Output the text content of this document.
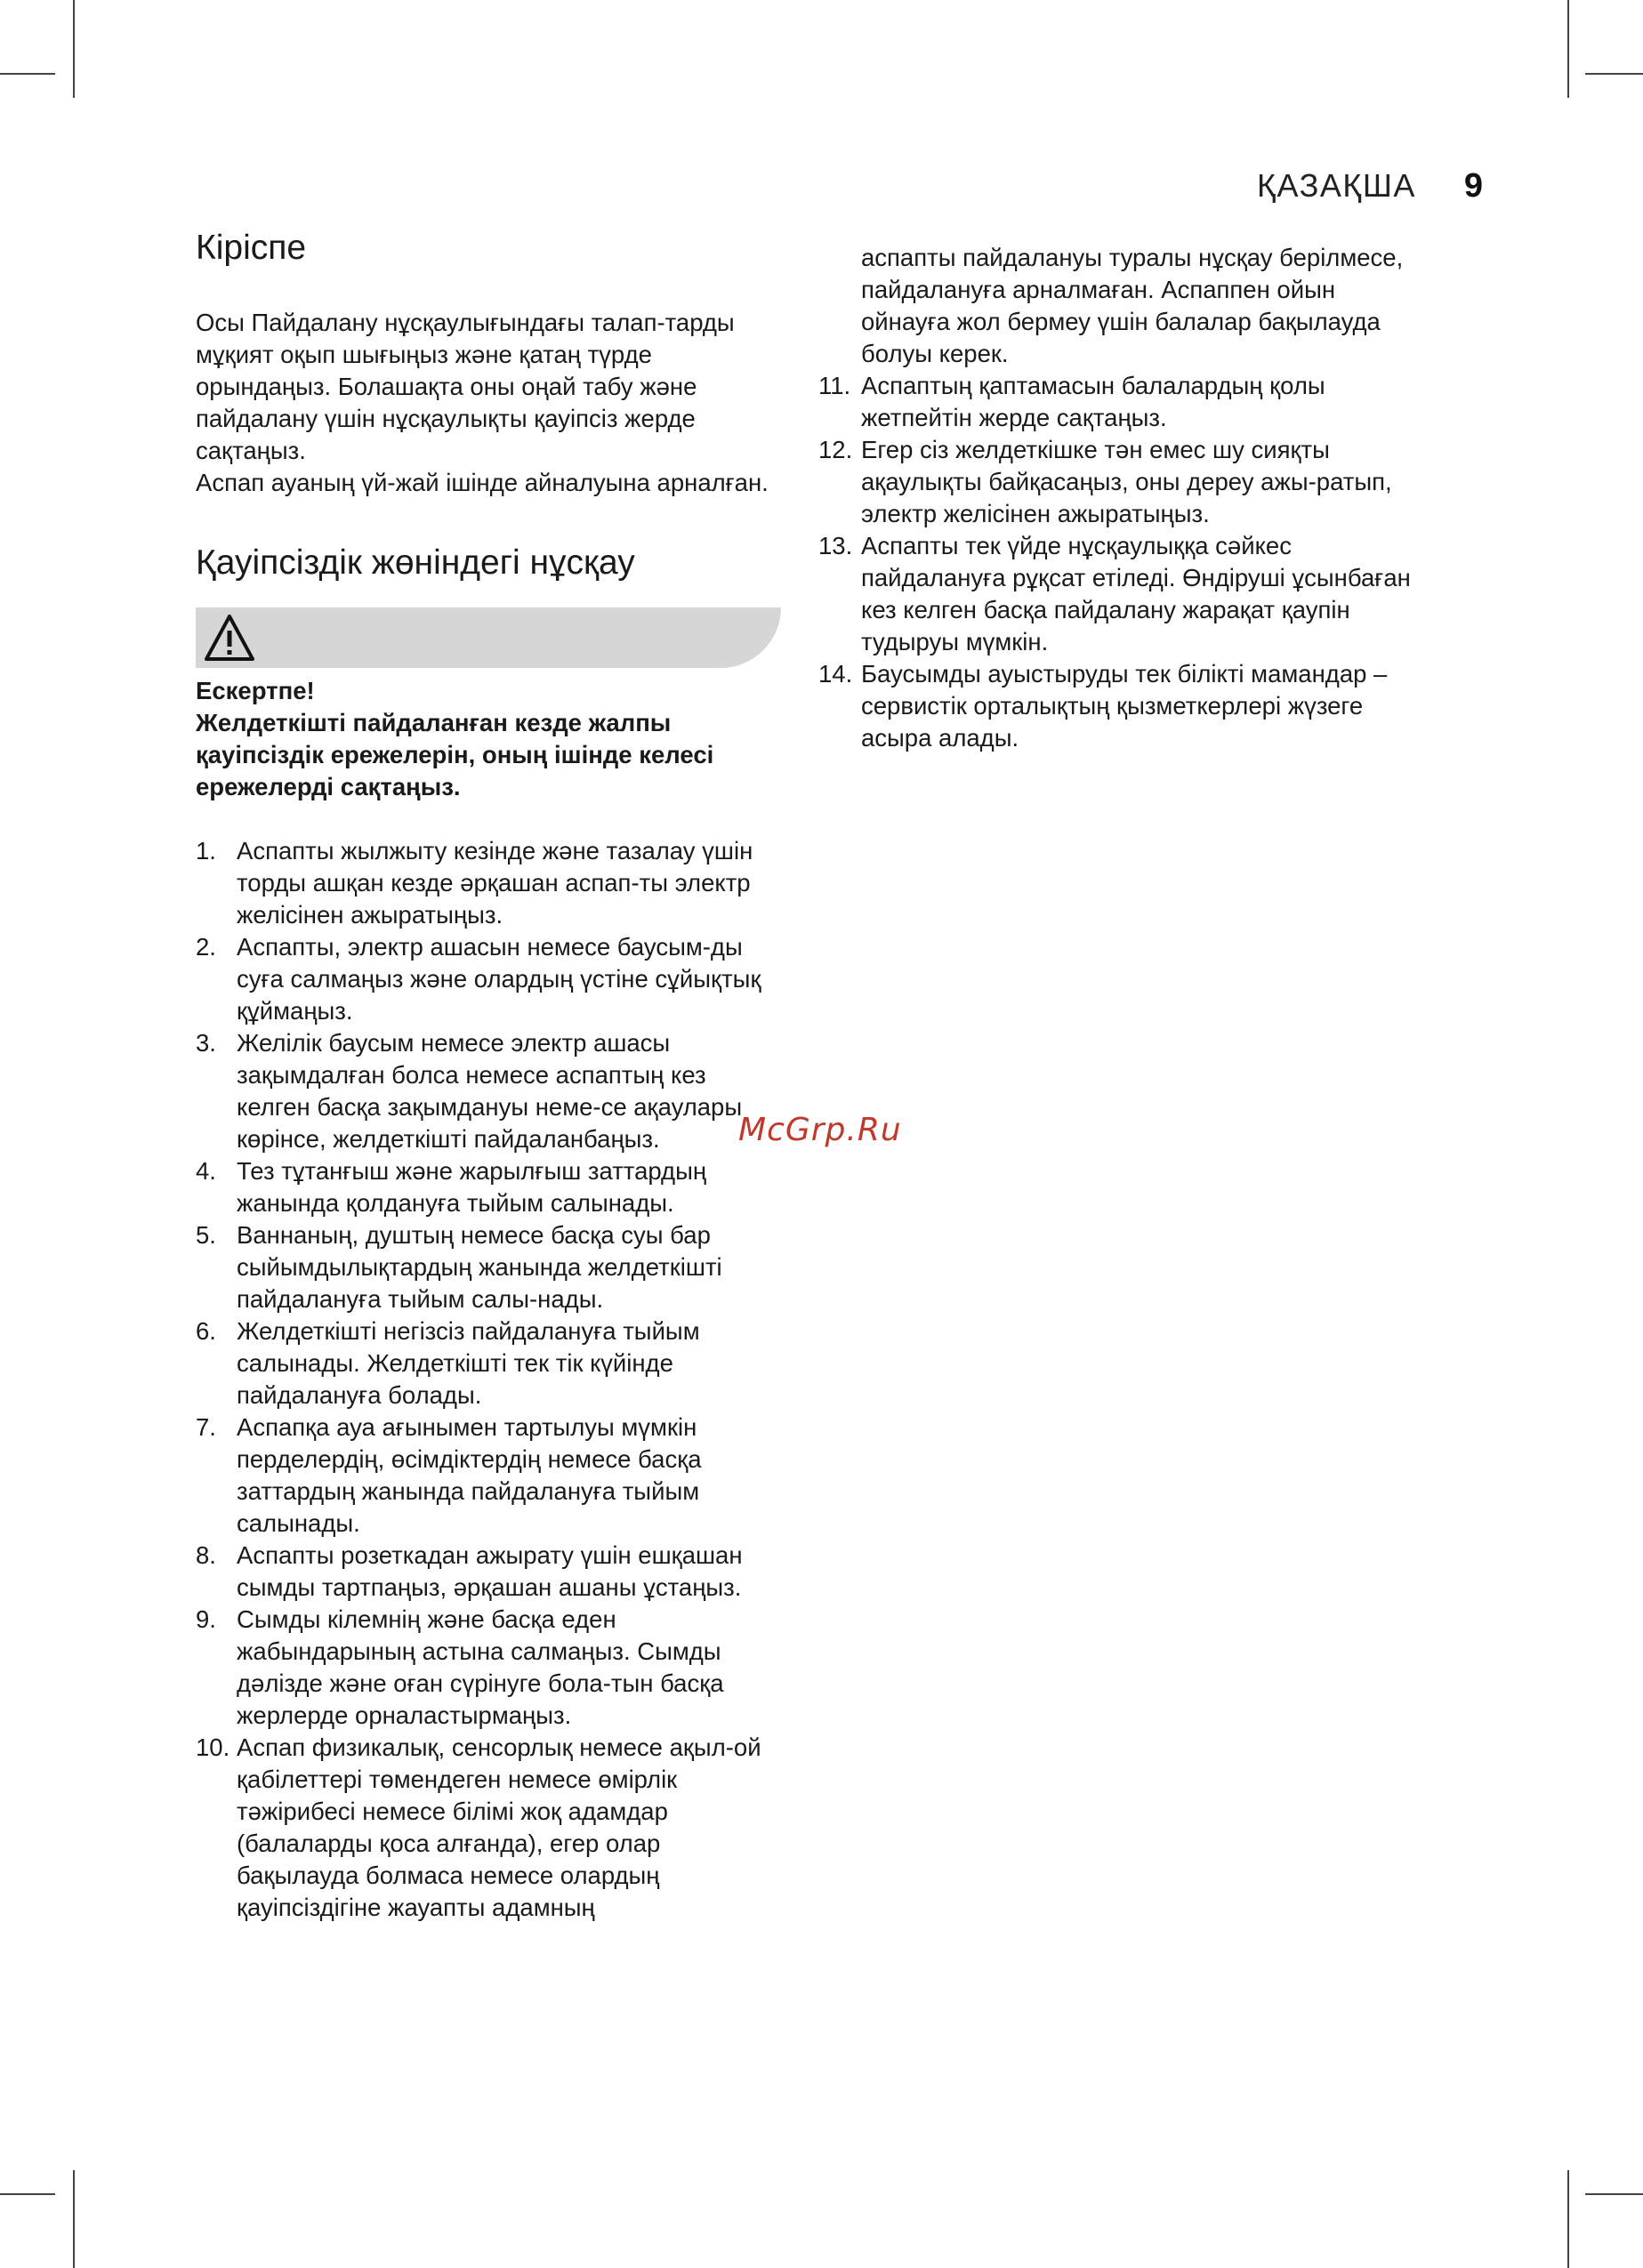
ҚАЗАҚША 9
Кіріспе

Осы Пайдалану нұсқаулығындағы талап-тарды мұқият оқып шығыңыз және қатаң түрде орындаңыз. Болашақта оны оңай табу және пайдалану үшін нұсқаулықты қауіпсіз жерде сақтаңыз.

Аспап ауаның үй-жай ішінде айналуына арналған.

Қауіпсіздік жөніндегі нұсқау
Ескертпе!

Желдеткішті пайдаланған кезде жалпы қауіпсіздік ережелерін, оның ішінде келесі ережелерді сақтаңыз.

1. Аспапты жылжыту кезінде және тазалау үшін торды ашқан кезде әрқашан аспап-ты электр желісінен ажыратыңыз.
2. Аспапты, электр ашасын немесе баусым-ды суға салмаңыз және олардың үстіне сұйықтық құймаңыз.
3. Желілік баусым немесе электр ашасы зақымдалған болса немесе аспаптың кез келген басқа зақымдануы неме-се ақаулары көрінсе, желдеткішті пайдаланбаңыз.
4. Тез тұтанғыш және жарылғыш заттардың жанында қолдануға тыйым салынады.
5. Ваннаның, душтың немесе басқа суы бар сыйымдылықтардың жанында желдеткішті пайдалануға тыйым салы-нады.
6. Желдеткішті негізсіз пайдалануға тыйым салынады. Желдеткішті тек тік күйінде пайдалануға болады.
7. Аспапқа ауа ағынымен тартылуы мүмкін перделердің, өсімдіктердің немесе басқа заттардың жанында пайдалануға тыйым салынады.
8. Аспапты розеткадан ажырату үшін ешқашан сымды тартпаңыз, әрқашан ашаны ұстаңыз.
9. Сымды кілемнің және басқа еден жабындарының астына салмаңыз. Сымды дәлізде және оған сүрінуге бола-тын басқа жерлерде орналастырмаңыз.
10. Аспап физикалық, сенсорлық немесе ақыл-ой қабілеттері төмендеген немесе өмірлік тәжірибесі немесе білімі жоқ адамдар (балаларды қоса алғанда), егер олар бақылауда болмаса немесе олардың қауіпсіздігіне жауапты адамның

аспапты пайдалануы туралы нұсқау берілмесе, пайдалануға арналмаған. Аспаппен ойын ойнауға жол бермеу үшін балалар бақылауда болуы керек.

11. Аспаптың қаптамасын балалардың қолы жетпейтін жерде сақтаңыз.
12. Егер сіз желдеткішке тән емес шу сияқты ақаулықты байқасаңыз, оны дереу ажы-ратып, электр желісінен ажыратыңыз.
13. Аспапты тек үйде нұсқаулыққа сәйкес пайдалануға рұқсат етіледі. Өндіруші ұсынбаған кез келген басқа пайдалану жарақат қаупін тудыруы мүмкін.
14. Баусымды ауыстыруды тек білікті мамандар – сервистік орталықтың қызметкерлері жүзеге асыра алады.
McGrp.Ru
